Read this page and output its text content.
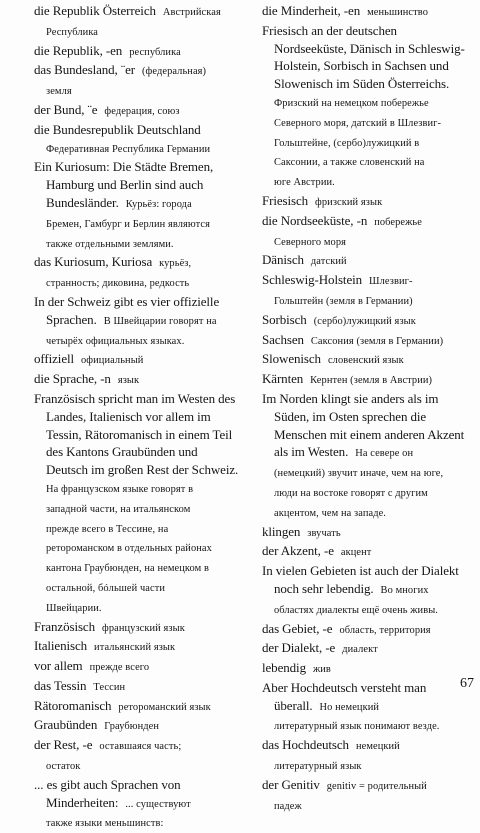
die Republik Österreich Австрийская

Республика

die Republik, -en республика

das Bundesland, ¨er (федеральная)

земля

der Bund, ¨e федерация, союз

die Bundesrepublik Deutschland

Федеративная Республика Германии

Ein Kuriosum: Die Städte Bremen,

Hamburg und Berlin sind auch

Bundesländer. Курьёз: города

Бремен, Гамбург и Берлин являются

также отдельными землями.

das Kuriosum, Kuriosa курьёз,

странность; диковина, редкость

In der Schweiz gibt es vier offizielle

Sprachen. В Швейцарии говорят на

четырёх официальных языках.

offiziell официальный

die Sprache, -n язык

Französisch spricht man im Westen des

Landes, Italienisch vor allem im

Tessin, Rätoromanisch in einem Teil

des Kantons Graubünden und

Deutsch im großen Rest der Schweiz.

На французском языке говорят в

западной части, на итальянском

прежде всего в Тессине, на

ретороманском в отдельных районах

кантона Граубюнден, на немецком в

остальной, бóльшей части

Швейцарии.

Französisch французский язык

Italienisch итальянский язык

vor allem прежде всего

das Tessin Тессин

Rätoromanisch ретороманский язык

Graubünden Граубюнден

der Rest, -e оставшаяся часть;

остаток

... es gibt auch Sprachen von

Minderheiten: ... существуют

также языки меньшинств:

die Minderheit, -en меньшинство

Friesisch an der deutschen

Nordseeküste, Dänisch in Schleswig-

Holstein, Sorbisch in Sachsen und

Slowenisch im Süden Österreichs.

Фризский на немецком побережье

Северного моря, датский в Шлезвиг-

Гольштейне, (сербо)лужицкий в

Саксонии, а также словенский на

юге Австрии.

Friesisch фризский язык

die Nordseeküste, -n побережье

Северного моря

Dänisch датский

Schleswig-Holstein Шлезвиг-

Гольштейн (земля в Германии)

Sorbisch (сербо)лужицкий язык

Sachsen Саксония (земля в Германии)

Slowenisch словенский язык

Kärnten Кернтен (земля в Австрии)

Im Norden klingt sie anders als im

Süden, im Osten sprechen die

Menschen mit einem anderen Akzent

als im Westen. На севере он

(немецкий) звучит иначе, чем на юге,

люди на востоке говорят с другим

акцентом, чем на западе.

klingen звучать

der Akzent, -e акцент

In vielen Gebieten ist auch der Dialekt

noch sehr lebendig. Во многих

областях диалекты ещё очень живы.

das Gebiet, -e область, территория

der Dialekt, -e диалект

lebendig жив

Aber Hochdeutsch versteht man

überall. Но немецкий

литературный язык понимают везде.

das Hochdeutsch немецкий

литературный язык

der Genitiv genitiv = родительный

падеж

67
